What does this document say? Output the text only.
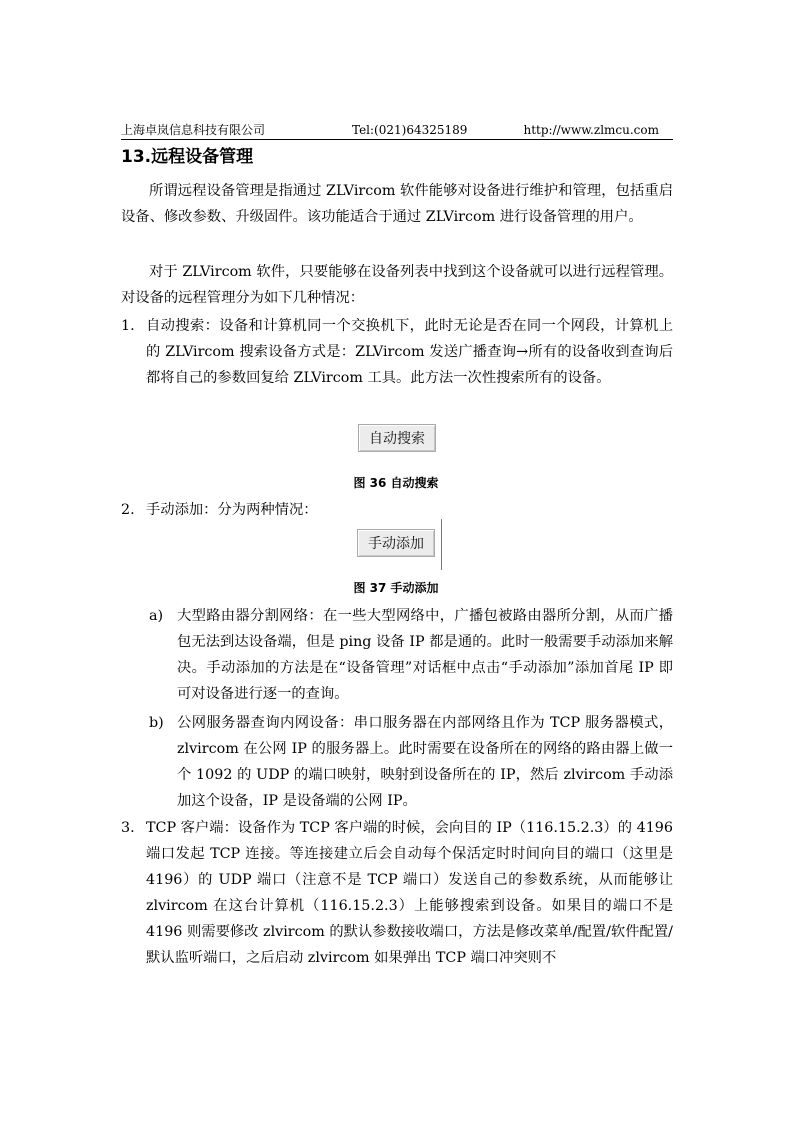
上海卓岚信息科技有限公司	Tel:(021)64325189	http://www.zlmcu.com
13.远程设备管理
所谓远程设备管理是指通过 ZLVircom 软件能够对设备进行维护和管理，包括重启设备、修改参数、升级固件。该功能适合于通过 ZLVircom 进行设备管理的用户。
对于 ZLVircom 软件，只要能够在设备列表中找到这个设备就可以进行远程管理。对设备的远程管理分为如下几种情况：
1. 自动搜索：设备和计算机同一个交换机下，此时无论是否在同一个网段，计算机上的 ZLVircom 搜索设备方式是：ZLVircom 发送广播查询→所有的设备收到查询后都将自己的参数回复给 ZLVircom 工具。此方法一次性搜索所有的设备。
自动搜索
图 36 自动搜索
2. 手动添加：分为两种情况：
手动添加
图 37 手动添加
a) 大型路由器分割网络：在一些大型网络中，广播包被路由器所分割，从而广播包无法到达设备端，但是 ping 设备 IP 都是通的。此时一般需要手动添加来解决。手动添加的方法是在“设备管理”对话框中点击“手动添加”添加首尾 IP 即可对设备进行逐一的查询。
b) 公网服务器查询内网设备：串口服务器在内部网络且作为 TCP 服务器模式，zlvircom 在公网 IP 的服务器上。此时需要在设备所在的网络的路由器上做一个 1092 的 UDP 的端口映射，映射到设备所在的 IP，然后 zlvircom 手动添加这个设备，IP 是设备端的公网 IP。
3. TCP 客户端：设备作为 TCP 客户端的时候，会向目的 IP（116.15.2.3）的 4196 端口发起 TCP 连接。等连接建立后会自动每个保活定时时间向目的端口（这里是 4196）的 UDP 端口（注意不是 TCP 端口）发送自己的参数系统，从而能够让 zlvircom 在这台计算机（116.15.2.3）上能够搜索到设备。如果目的端口不是 4196 则需要修改 zlvircom 的默认参数接收端口，方法是修改菜单/配置/软件配置/默认监听端口，之后启动 zlvircom 如果弹出 TCP 端口冲突则不
